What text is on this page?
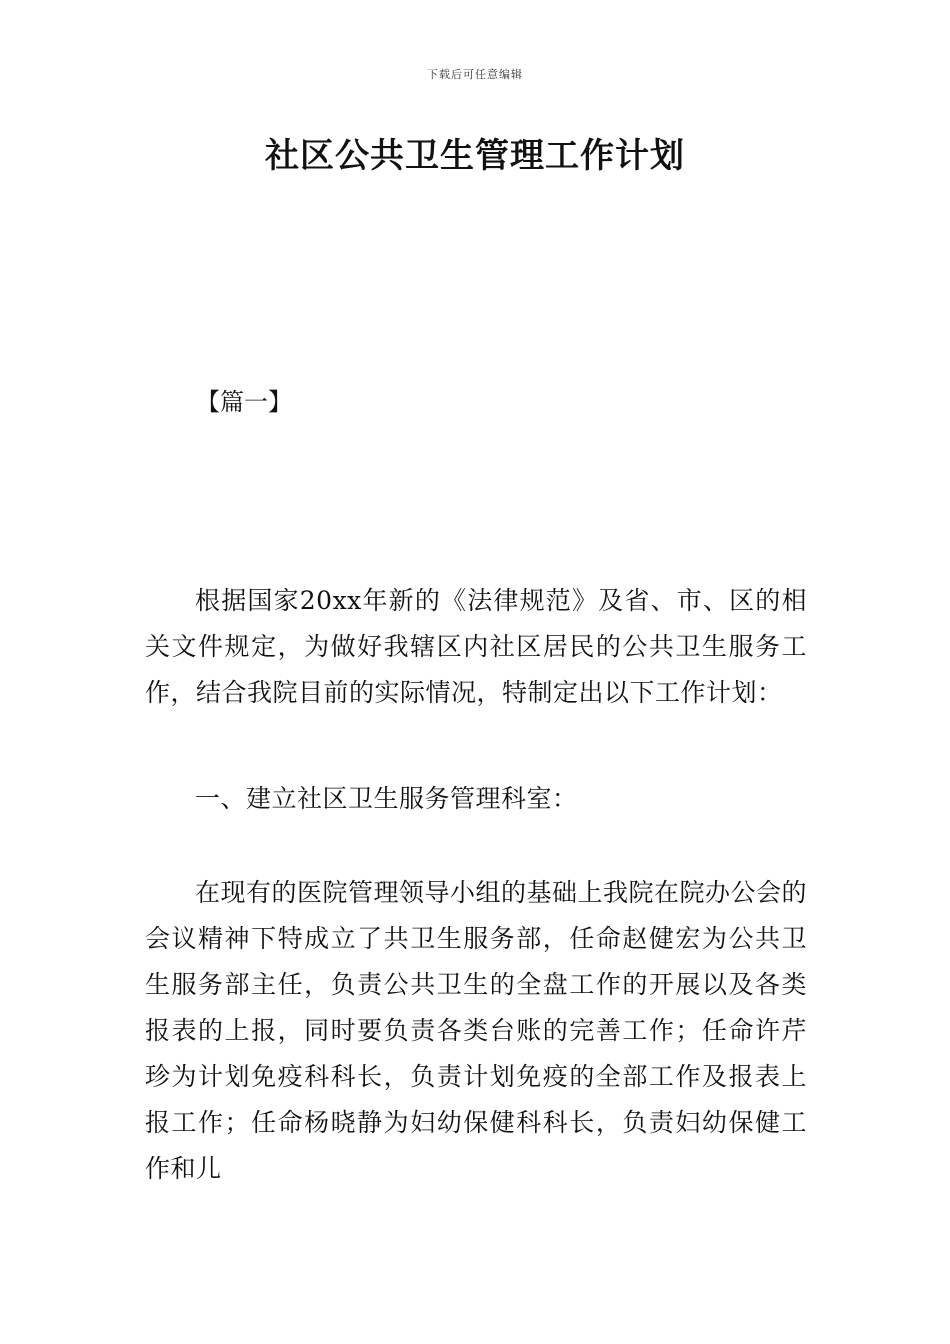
下载后可任意编辑
社区公共卫生管理工作计划
【篇一】

根据国家20xx年新的《法律规范》及省、市、区的相关文件规定，为做好我辖区内社区居民的公共卫生服务工作，结合我院目前的实际情况，特制定出以下工作计划：

一、建立社区卫生服务管理科室：

在现有的医院管理领导小组的基础上我院在院办公会的会议精神下特成立了共卫生服务部，任命赵健宏为公共卫生服务部主任，负责公共卫生的全盘工作的开展以及各类报表的上报，同时要负责各类台账的完善工作；任命许芹珍为计划免疫科科长，负责计划免疫的全部工作及报表上报工作；任命杨晓静为妇幼保健科科长，负责妇幼保健工作和儿
